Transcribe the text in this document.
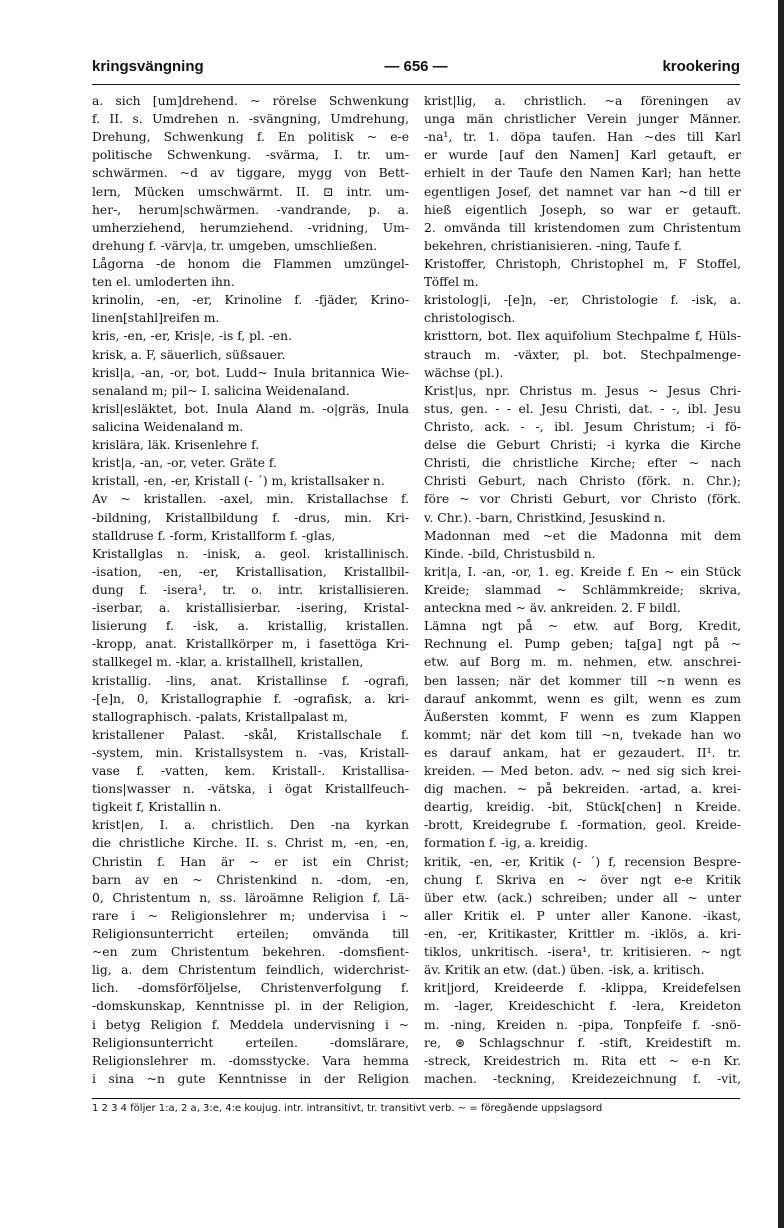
kringsvängning	— 656 —	krookering
a. sich [um]drehend. ~ rörelse Schwenkung
f. II. s. Umdrehen n. -svängning, Umdrehung,
Drehung, Schwenkung f. En politisk ~ e-e
politische Schwenkung. -svärma, I. tr. um-
schwärmen. ~d av tiggare, mygg von Bett-
lern, Mücken umschwärmt. II. ⊡ intr. um-
her-, herum|schwärmen. -vandrande, p. a.
umherziehend, herumziehend. -vridning, Um-
drehung f. -värv|a, tr. umgeben, umschließen.
Lågorna -de honom die Flammen umzüngel-
ten el. umloderten ihn.
krinolin, -en, -er, Krinoline f. -fjäder, Krino-
linen[stahl]reifen m.
kris, -en, -er, Kris|e, -is f, pl. -en.
krisk, a. F, säuerlich, süßsauer.
krisl|a, -an, -or, bot. Ludd~ Inula britannica Wie-
senaland m; pil~ I. salicina Weidenaland.
krisl|esläktet, bot. Inula Aland m. -o|gräs, Inula
salicina Weidenaland m.
krislära, läk. Krisenlehre f.
krist|a, -an, -or, veter. Gräte f.
kristall, -en, -er, Kristall (- ´) m, kristallsaker n.
Av ~ kristallen. -axel, min. Kristallachse f.
-bildning, Kristallbildung f. -drus, min. Kri-
stalldruse f. -form, Kristallform f. -glas,
Kristallglas n. -inisk, a. geol. kristallinisch.
-isation, -en, -er, Kristallisation, Kristallbil-
dung f. -isera¹, tr. o. intr. kristallisieren.
-iserbar, a. kristallisierbar. -isering, Kristal-
lisierung f. -isk, a. kristallig, kristallen.
-kropp, anat. Kristallkörper m, i fasettöga Kri-
stallkegel m. -klar, a. kristallhell, kristallen,
kristallig. -lins, anat. Kristallinse f. -ografi,
-[e]n, 0, Kristallographie f. -ografisk, a. kri-
stallographisch. -palats, Kristallpalast m,
kristallener Palast. -skål, Kristallschale f.
-system, min. Kristallsystem n. -vas, Kristall-
vase f. -vatten, kem. Kristall-. Kristallisa-
tions|wasser n. -vätska, i ögat Kristallfeuch-
tigkeit f, Kristallin n.
krist|en, I. a. christlich. Den -na kyrkan
die christliche Kirche. II. s. Christ m, -en, -en,
Christin f. Han är ~ er ist ein Christ;
barn av en ~ Christenkind n. -dom, -en,
0, Christentum n, ss. läroämne Religion f. Lä-
rare i ~ Religionslehrer m; undervisa i ~
Religionsunterricht erteilen; omvända till
~en zum Christentum bekehren. -domsfient-
lig, a. dem Christentum feindlich, widerchrist-
lich. -domsförföljelse, Christenverfolgung f.
-domskunskap, Kenntnisse pl. in der Religion,
i betyg Religion f. Meddela undervisning i ~
Religionsunterricht erteilen. -domslärare,
Religionslehrer m. -domsstycke. Vara hemma
i sina ~n gute Kenntnisse in der Religion
krist|lig, a. christlich. ~a föreningen av
unga män christlicher Verein junger Männer.
-na¹, tr. 1. döpa taufen. Han ~des till Karl
er wurde [auf den Namen] Karl getauft, er
erhielt in der Taufe den Namen Karl; han hette
egentligen Josef, det namnet var han ~d till er
hieß eigentlich Joseph, so war er getauft.
2. omvända till kristendomen zum Christentum
bekehren, christianisieren. -ning, Taufe f.
Kristoffer, Christoph, Christophel m, F Stoffel,
Töffel m.
kristolog|i, -[e]n, -er, Christologie f. -isk, a.
christologisch.
kristtorn, bot. Ilex aquifolium Stechpalme f, Hüls-
strauch m. -växter, pl. bot. Stechpalmenge-
wächse (pl.).
Krist|us, npr. Christus m. Jesus ~ Jesus Chri-
stus, gen. - - el. Jesu Christi, dat. - -, ibl. Jesu
Christo, ack. - -, ibl. Jesum Christum; -i fö-
delse die Geburt Christi; -i kyrka die Kirche
Christi, die christliche Kirche; efter ~ nach
Christi Geburt, nach Christo (förk. n. Chr.);
före ~ vor Christi Geburt, vor Christo (förk.
v. Chr.). -barn, Christkind, Jesuskind n.
Madonnan med ~et die Madonna mit dem
Kinde. -bild, Christusbild n.
krit|a, I. -an, -or, 1. eg. Kreide f. En ~ ein Stück
Kreide; slammad ~ Schlämmkreide; skriva,
anteckna med ~ äv. ankreiden. 2. F bildl.
Lämna ngt på ~ etw. auf Borg, Kredit,
Rechnung el. Pump geben; ta[ga] ngt på ~
etw. auf Borg m. m. nehmen, etw. anschrei-
ben lassen; när det kommer till ~n wenn es
darauf ankommt, wenn es gilt, wenn es zum
Äußersten kommt, F wenn es zum Klappen
kommt; när det kom till ~n, tvekade han wo
es darauf ankam, hat er gezaudert. II¹. tr.
kreiden. — Med beton. adv. ~ ned sig sich krei-
dig machen. ~ på bekreiden. -artad, a. krei-
deartig, kreidig. -bit, Stück[chen] n Kreide.
-brott, Kreidegrube f. -formation, geol. Kreide-
formation f. -ig, a. kreidig.
kritik, -en, -er, Kritik (- ´) f, recension Bespre-
chung f. Skriva en ~ över ngt e-e Kritik
über etw. (ack.) schreiben; under all ~ unter
aller Kritik el. P unter aller Kanone. -ikast,
-en, -er, Kritikaster, Krittler m. -iklös, a. kri-
tiklos, unkritisch. -isera¹, tr. kritisieren. ~ ngt
äv. Kritik an etw. (dat.) üben. -isk, a. kritisch.
krit|jord, Kreideerde f. -klippa, Kreidefelsen
m. -lager, Kreideschicht f. -lera, Kreideton
m. -ning, Kreiden n. -pipa, Tonpfeife f. -snö-
re, ⊛ Schlagschnur f. -stift, Kreidestift m.
-streck, Kreidestrich m. Rita ett ~ e-n Kr.
machen. -teckning, Kreidezeichnung f. -vit,
1 2 3 4 följer 1:a, 2 a, 3:e, 4:e koujug. intr. intransitivt, tr. transitivt verb. ~ = föregående uppslagsord
